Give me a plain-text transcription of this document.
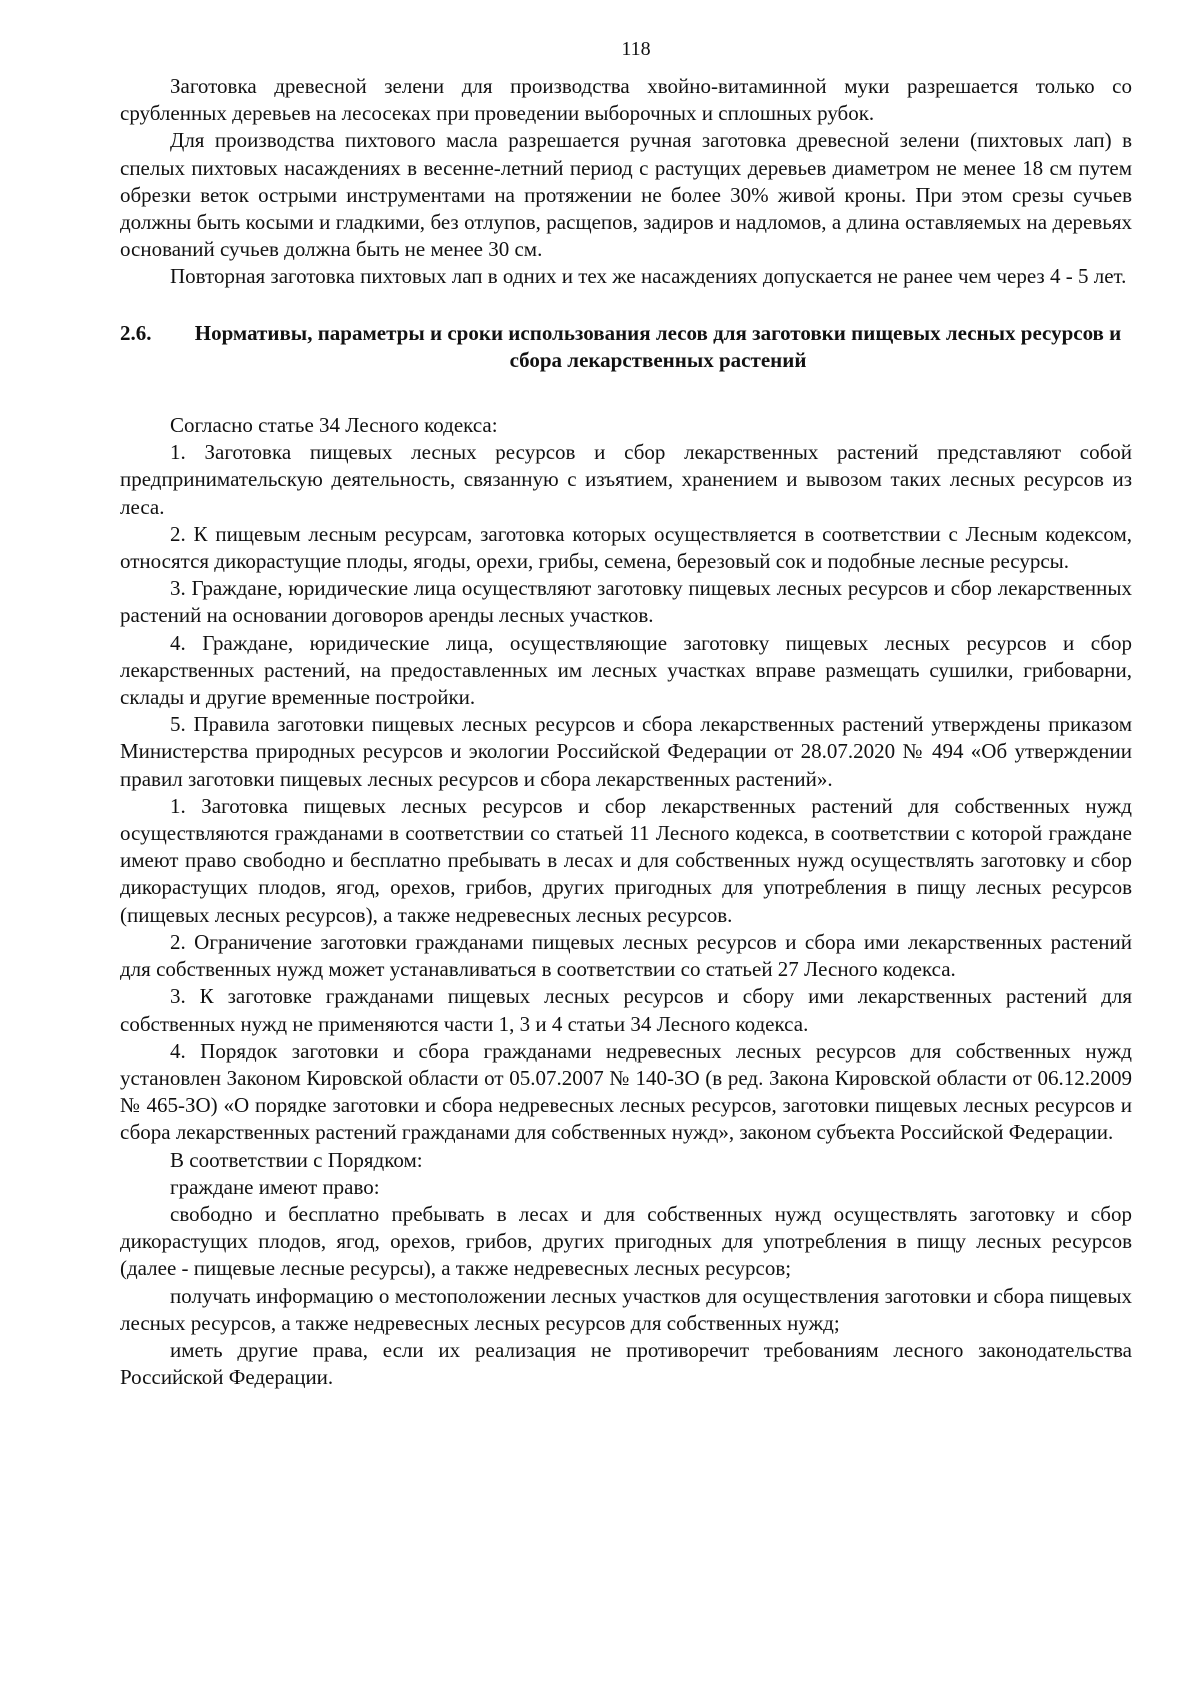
118

Заготовка древесной зелени для производства хвойно-витаминной муки разрешается только со срубленных деревьев на лесосеках при проведении выборочных и сплошных рубок.

Для производства пихтового масла разрешается ручная заготовка древесной зелени (пихтовых лап) в спелых пихтовых насаждениях в весенне-летний период с растущих деревьев диаметром не менее 18 см путем обрезки веток острыми инструментами на протяжении не более 30% живой кроны. При этом срезы сучьев должны быть косыми и гладкими, без отлупов, расщепов, задиров и надломов, а длина оставляемых на деревьях оснований сучьев должна быть не менее 30 см.

Повторная заготовка пихтовых лап в одних и тех же насаждениях допускается не ранее чем через 4 - 5 лет.

2.6.	Нормативы, параметры и сроки использования лесов для заготовки пищевых лесных ресурсов и сбора лекарственных растений

Согласно статье 34 Лесного кодекса:

1. Заготовка пищевых лесных ресурсов и сбор лекарственных растений представляют собой предпринимательскую деятельность, связанную с изъятием, хранением и вывозом таких лесных ресурсов из леса.

2. К пищевым лесным ресурсам, заготовка которых осуществляется в соответствии с Лесным кодексом, относятся дикорастущие плоды, ягоды, орехи, грибы, семена, березовый сок и подобные лесные ресурсы.

3. Граждане, юридические лица осуществляют заготовку пищевых лесных ресурсов и сбор лекарственных растений на основании договоров аренды лесных участков.

4. Граждане, юридические лица, осуществляющие заготовку пищевых лесных ресурсов и сбор лекарственных растений, на предоставленных им лесных участках вправе размещать сушилки, грибоварни, склады и другие временные постройки.

5. Правила заготовки пищевых лесных ресурсов и сбора лекарственных растений утверждены приказом Министерства природных ресурсов и экологии Российской Федерации от 28.07.2020 № 494 «Об утверждении правил заготовки пищевых лесных ресурсов и сбора лекарственных растений».

1. Заготовка пищевых лесных ресурсов и сбор лекарственных растений для собственных нужд осуществляются гражданами в соответствии со статьей 11 Лесного кодекса, в соответствии с которой граждане имеют право свободно и бесплатно пребывать в лесах и для собственных нужд осуществлять заготовку и сбор дикорастущих плодов, ягод, орехов, грибов, других пригодных для употребления в пищу лесных ресурсов (пищевых лесных ресурсов), а также недревесных лесных ресурсов.

2. Ограничение заготовки гражданами пищевых лесных ресурсов и сбора ими лекарственных растений для собственных нужд может устанавливаться в соответствии со статьей 27 Лесного кодекса.

3. К заготовке гражданами пищевых лесных ресурсов и сбору ими лекарственных растений для собственных нужд не применяются части 1, 3 и 4 статьи 34 Лесного кодекса.

4. Порядок заготовки и сбора гражданами недревесных лесных ресурсов для собственных нужд установлен Законом Кировской области от 05.07.2007 № 140-ЗО (в ред. Закона Кировской области от 06.12.2009 № 465-ЗО) «О порядке заготовки и сбора недревесных лесных ресурсов, заготовки пищевых лесных ресурсов и сбора лекарственных растений гражданами для собственных нужд», законом субъекта Российской Федерации.

В соответствии с Порядком:

граждане имеют право:

свободно и бесплатно пребывать в лесах и для собственных нужд осуществлять заготовку и сбор дикорастущих плодов, ягод, орехов, грибов, других пригодных для употребления в пищу лесных ресурсов (далее - пищевые лесные ресурсы), а также недревесных лесных ресурсов;

получать информацию о местоположении лесных участков для осуществления заготовки и сбора пищевых лесных ресурсов, а также недревесных лесных ресурсов для собственных нужд;

иметь другие права, если их реализация не противоречит требованиям лесного законодательства Российской Федерации.
